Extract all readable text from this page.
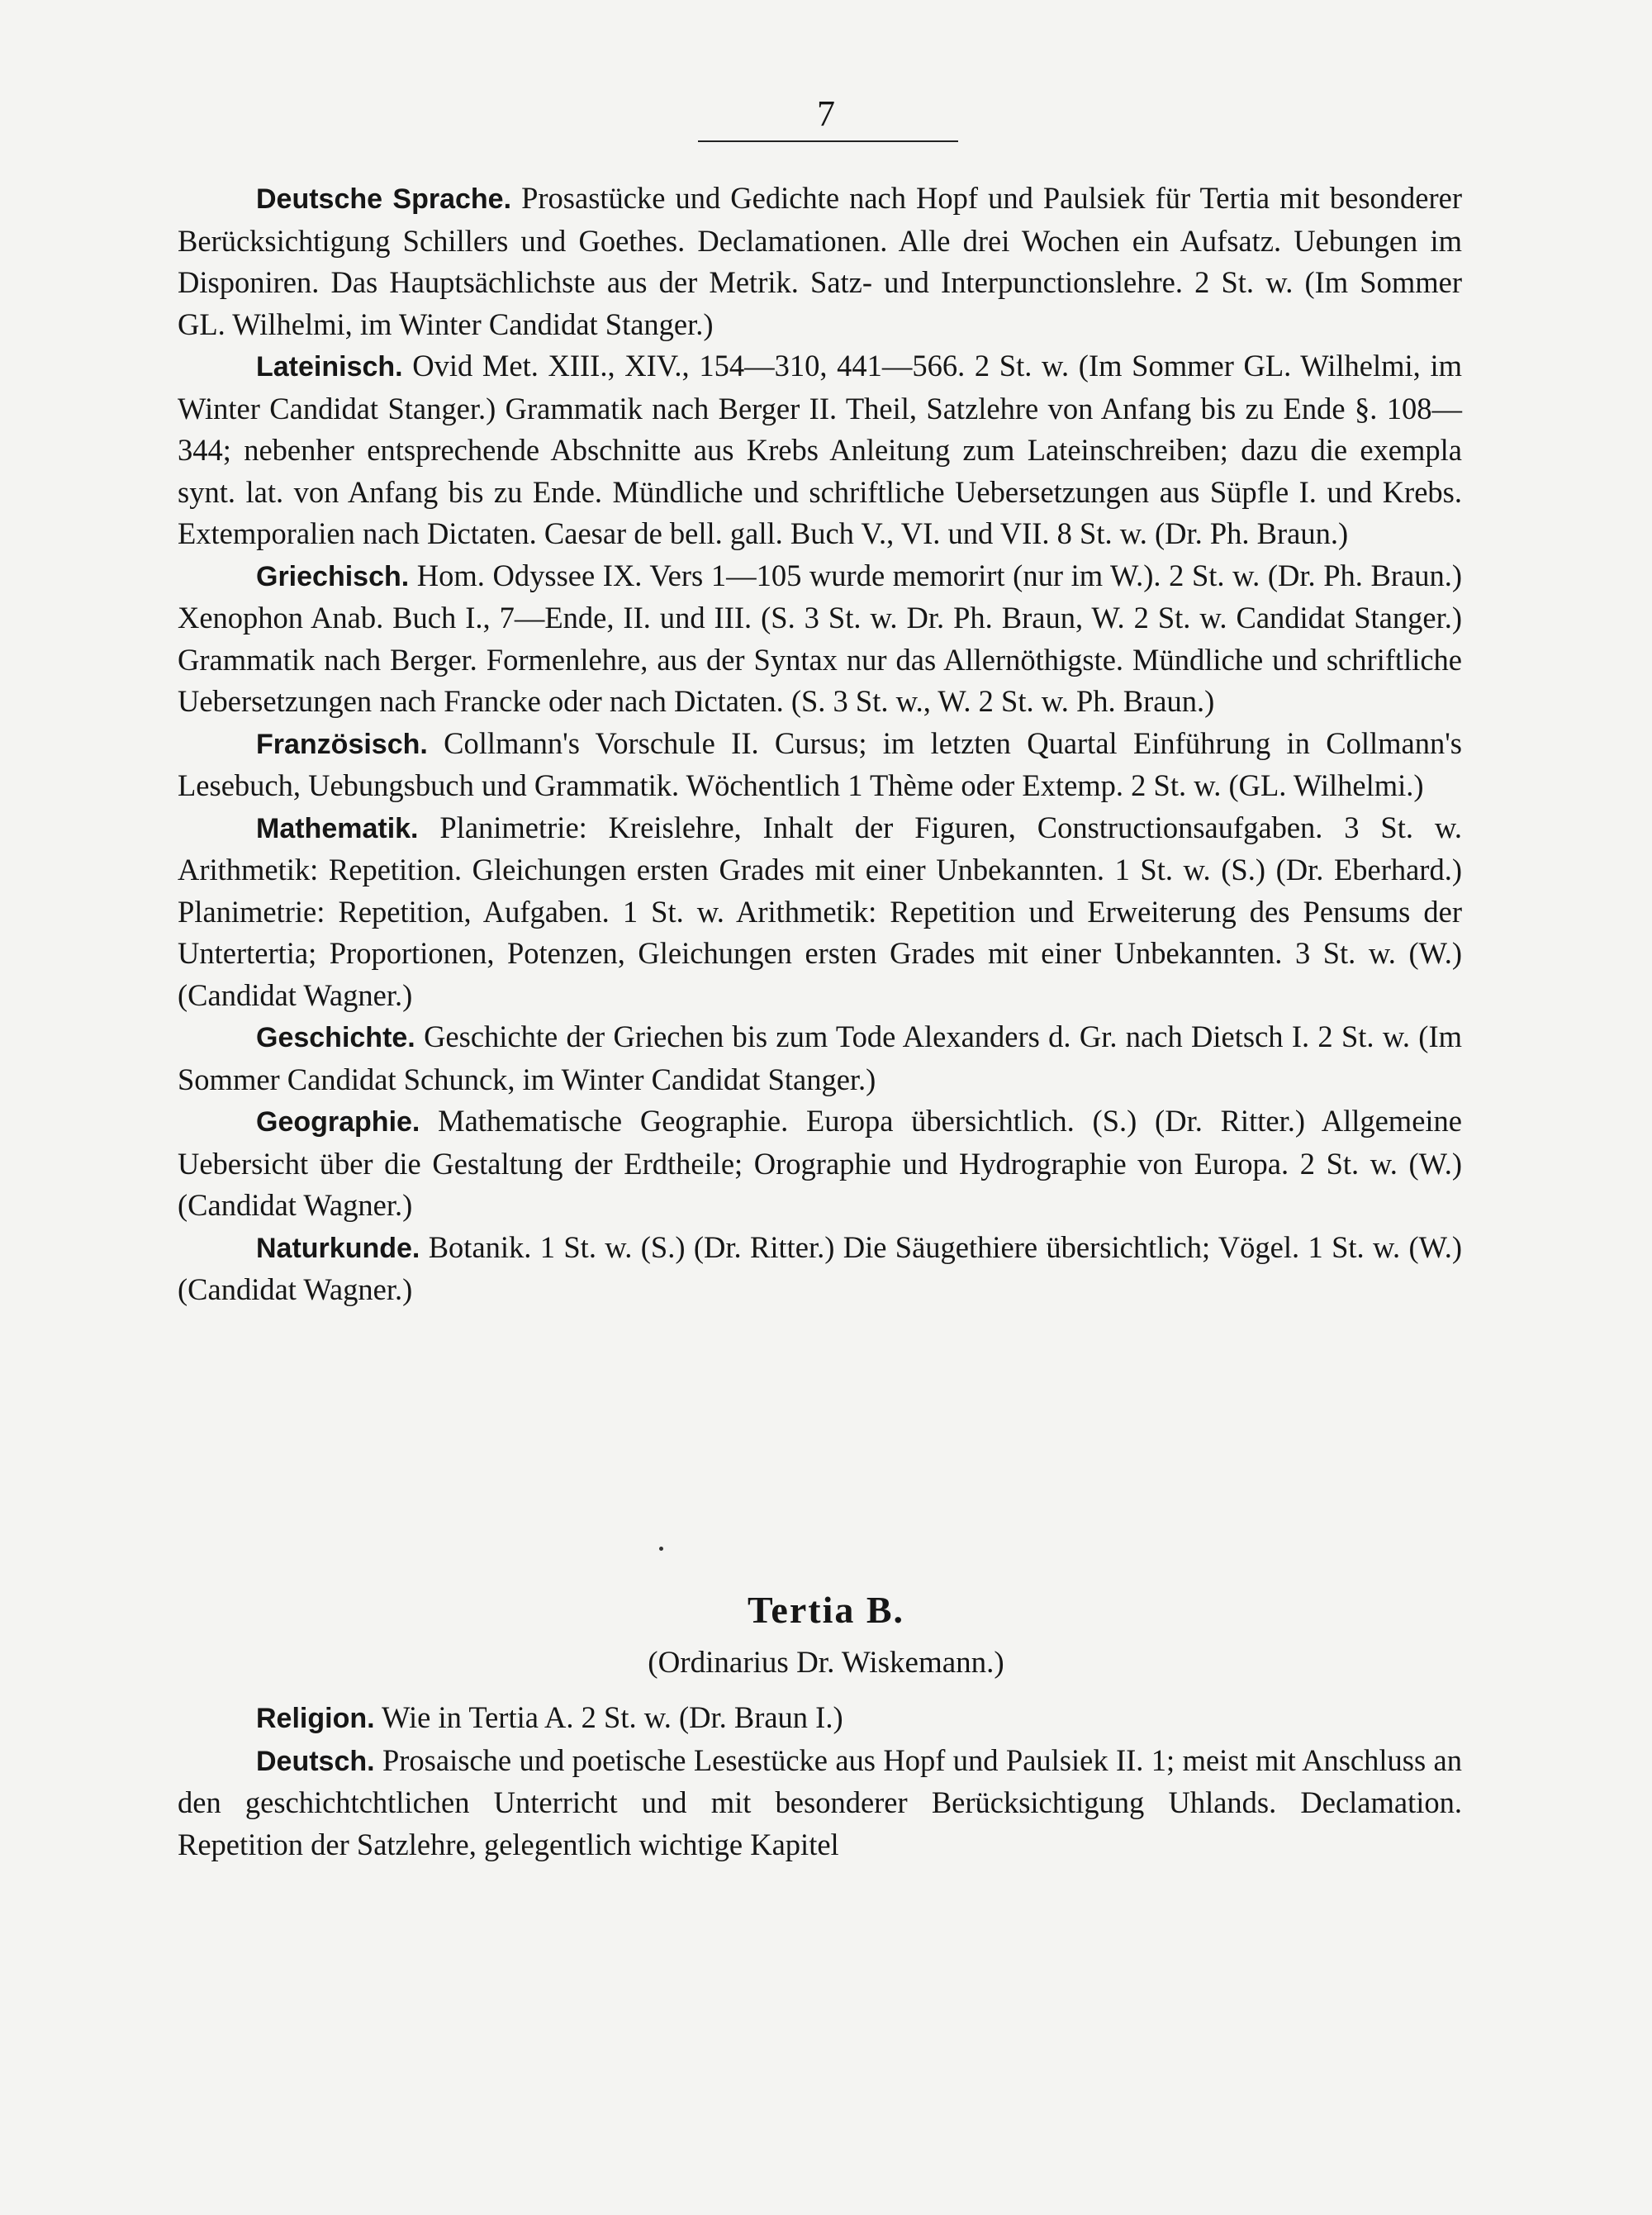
7

Deutsche Sprache. Prosastücke und Gedichte nach Hopf und Paulsiek für Tertia mit besonderer Berücksichtigung Schillers und Goethes. Declamationen. Alle drei Wochen ein Aufsatz. Uebungen im Disponiren. Das Hauptsächlichste aus der Metrik. Satz- und Interpunctionslehre. 2 St. w. (Im Sommer GL. Wilhelmi, im Winter Candidat Stanger.)

Lateinisch. Ovid Met. XIII., XIV., 154—310, 441—566. 2 St. w. (Im Sommer GL. Wilhelmi, im Winter Candidat Stanger.) Grammatik nach Berger II. Theil, Satzlehre von Anfang bis zu Ende §. 108—344; nebenher entsprechende Abschnitte aus Krebs Anleitung zum Lateinschreiben; dazu die exempla synt. lat. von Anfang bis zu Ende. Mündliche und schriftliche Uebersetzungen aus Süpfle I. und Krebs. Extemporalien nach Dictaten. Caesar de bell. gall. Buch V., VI. und VII. 8 St. w. (Dr. Ph. Braun.)

Griechisch. Hom. Odyssee IX. Vers 1—105 wurde memorirt (nur im W.). 2 St. w. (Dr. Ph. Braun.) Xenophon Anab. Buch I., 7—Ende, II. und III. (S. 3 St. w. Dr. Ph. Braun, W. 2 St. w. Candidat Stanger.) Grammatik nach Berger. Formenlehre, aus der Syntax nur das Allernöthigste. Mündliche und schriftliche Uebersetzungen nach Francke oder nach Dictaten. (S. 3 St. w., W. 2 St. w. Ph. Braun.)

Französisch. Collmann's Vorschule II. Cursus; im letzten Quartal Einführung in Collmann's Lesebuch, Uebungsbuch und Grammatik. Wöchentlich 1 Thème oder Extemp. 2 St. w. (GL. Wilhelmi.)

Mathematik. Planimetrie: Kreislehre, Inhalt der Figuren, Constructionsaufgaben. 3 St. w. Arithmetik: Repetition. Gleichungen ersten Grades mit einer Unbekannten. 1 St. w. (S.) (Dr. Eberhard.) Planimetrie: Repetition, Aufgaben. 1 St. w. Arithmetik: Repetition und Erweiterung des Pensums der Untertertia; Proportionen, Potenzen, Gleichungen ersten Grades mit einer Unbekannten. 3 St. w. (W.) (Candidat Wagner.)

Geschichte. Geschichte der Griechen bis zum Tode Alexanders d. Gr. nach Dietsch I. 2 St. w. (Im Sommer Candidat Schunck, im Winter Candidat Stanger.)

Geographie. Mathematische Geographie. Europa übersichtlich. (S.) (Dr. Ritter.) Allgemeine Uebersicht über die Gestaltung der Erdtheile; Orographie und Hydrographie von Europa. 2 St. w. (W.) (Candidat Wagner.)

Naturkunde. Botanik. 1 St. w. (S.) (Dr. Ritter.) Die Säugethiere übersichtlich; Vögel. 1 St. w. (W.) (Candidat Wagner.)

Tertia B.
(Ordinarius Dr. Wiskemann.)

Religion. Wie in Tertia A. 2 St. w. (Dr. Braun I.)

Deutsch. Prosaische und poetische Lesestücke aus Hopf und Paulsiek II. 1; meist mit Anschluss an den geschichtchtlichen Unterricht und mit besonderer Berücksichtigung Uhlands. Declamation. Repetition der Satzlehre, gelegentlich wichtige Kapitel
